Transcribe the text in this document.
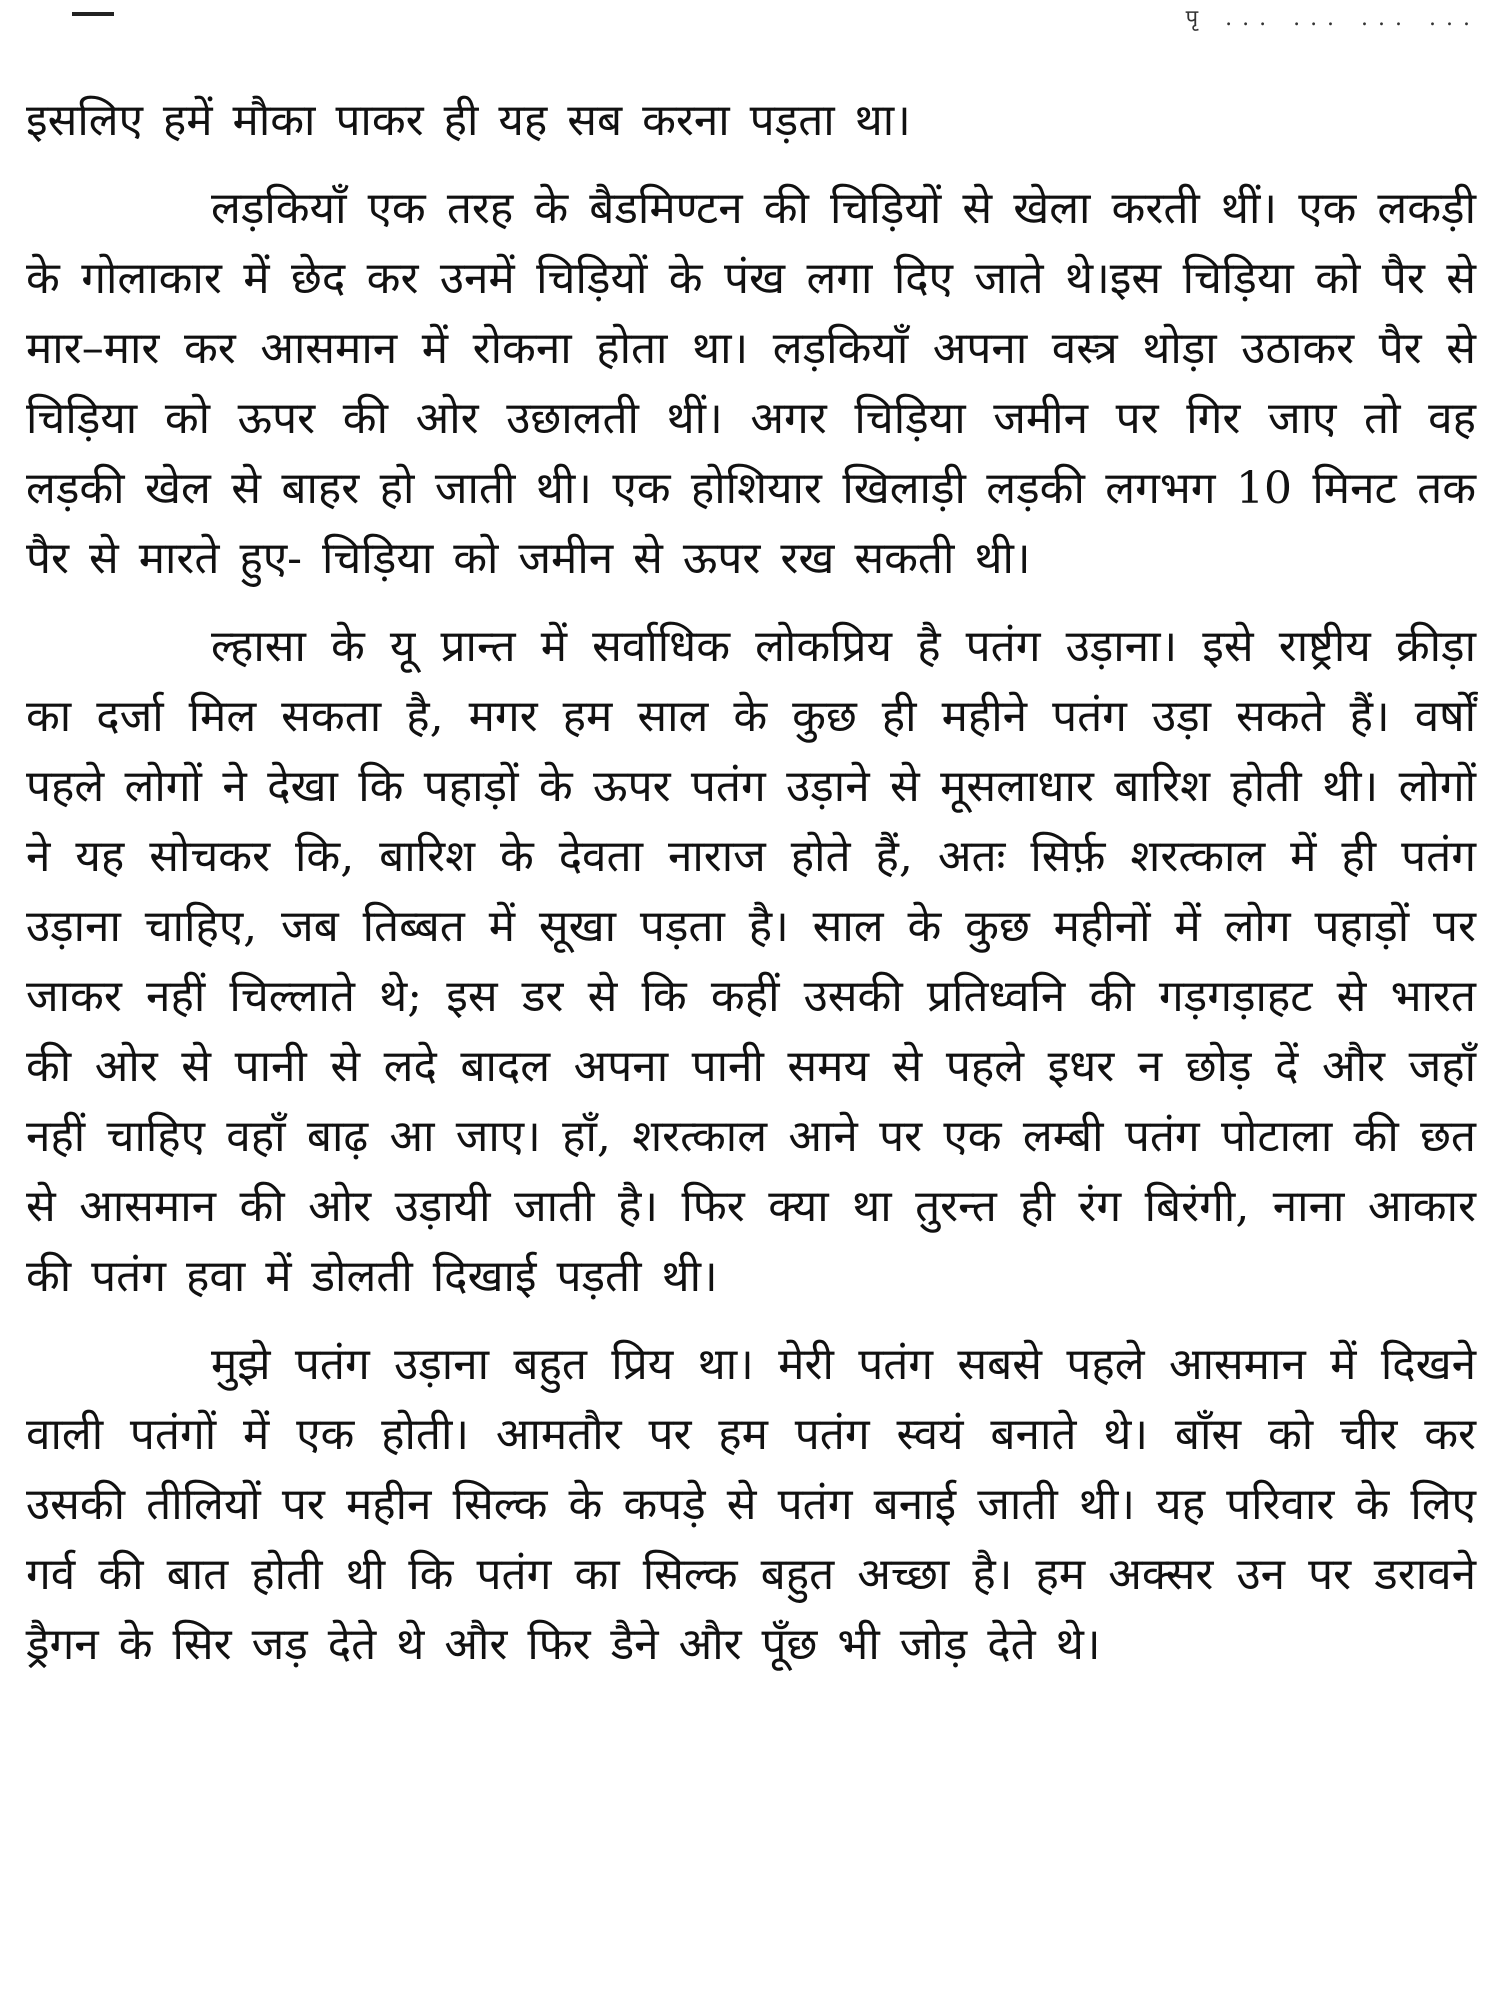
पृ ... ... ... ...

इसलिए हमें मौका पाकर ही यह सब करना पड़ता था।

लड़कियाँ एक तरह के बैडमिण्टन की चिड़ियों से खेला करती थीं। एक लकड़ी के गोलाकार में छेद कर उनमें चिड़ियों के पंख लगा दिए जाते थे।इस चिड़िया को पैर से मार–मार कर आसमान में रोकना होता था। लड़कियाँ अपना वस्त्र थोड़ा उठाकर पैर से चिड़िया को ऊपर की ओर उछालती थीं। अगर चिड़िया जमीन पर गिर जाए तो वह लड़की खेल से बाहर हो जाती थी। एक होशियार खिलाड़ी लड़की लगभग 10 मिनट तक पैर से मारते हुए- चिड़िया को जमीन से ऊपर रख सकती थी।

ल्हासा के यू प्रान्त में सर्वाधिक लोकप्रिय है पतंग उड़ाना। इसे राष्ट्रीय क्रीड़ा का दर्जा मिल सकता है, मगर हम साल के कुछ ही महीने पतंग उड़ा सकते हैं। वर्षों पहले लोगों ने देखा कि पहाड़ों के ऊपर पतंग उड़ाने से मूसलाधार बारिश होती थी। लोगों ने यह सोचकर कि, बारिश के देवता नाराज होते हैं, अतः सिर्फ़ शरत्काल में ही पतंग उड़ाना चाहिए, जब तिब्बत में सूखा पड़ता है। साल के कुछ महीनों में लोग पहाड़ों पर जाकर नहीं चिल्लाते थे; इस डर से कि कहीं उसकी प्रतिध्वनि की गड़गड़ाहट से भारत की ओर से पानी से लदे बादल अपना पानी समय से पहले इधर न छोड़ दें और जहाँ नहीं चाहिए वहाँ बाढ़ आ जाए। हाँ, शरत्काल आने पर एक लम्बी पतंग पोटाला की छत से आसमान की ओर उड़ायी जाती है। फिर क्या था तुरन्त ही रंग बिरंगी, नाना आकार की पतंग हवा में डोलती दिखाई पड़ती थी।

मुझे पतंग उड़ाना बहुत प्रिय था। मेरी पतंग सबसे पहले आसमान में दिखने वाली पतंगों में एक होती। आमतौर पर हम पतंग स्वयं बनाते थे। बाँस को चीर कर उसकी तीलियों पर महीन सिल्क के कपड़े से पतंग बनाई जाती थी। यह परिवार के लिए गर्व की बात होती थी कि पतंग का सिल्क बहुत अच्छा है। हम अक्सर उन पर डरावने ड्रैगन के सिर जड़ देते थे और फिर डैने और पूँछ भी जोड़ देते थे।
